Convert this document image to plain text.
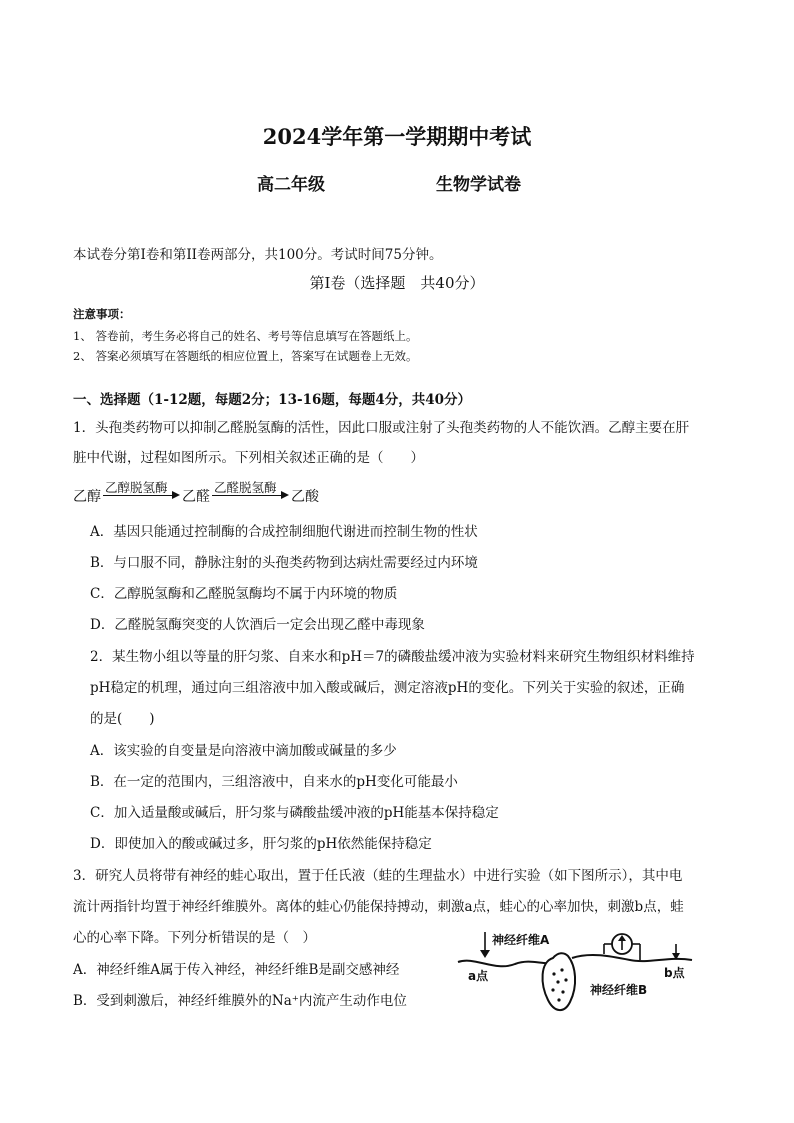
2024学年第一学期期中考试
高二年级	生物学试卷
本试卷分第I卷和第II卷两部分，共100分。考试时间75分钟。
第I卷（选择题　共40分）
注意事项：
1、 答卷前，考生务必将自己的姓名、考号等信息填写在答题纸上。
2、 答案必须填写在答题纸的相应位置上，答案写在试题卷上无效。
一、选择题（1-12题，每题2分；13-16题，每题4分，共40分）
1．头孢类药物可以抑制乙醛脱氢酶的活性，因此口服或注射了头孢类药物的人不能饮酒。乙醇主要在肝
脏中代谢，过程如图所示。下列相关叙述正确的是（　　）
乙醇
乙醇脱氢酶
乙醛
乙醛脱氢酶
乙酸
A．基因只能通过控制酶的合成控制细胞代谢进而控制生物的性状
B．与口服不同，静脉注射的头孢类药物到达病灶需要经过内环境
C．乙醇脱氢酶和乙醛脱氢酶均不属于内环境的物质
D．乙醛脱氢酶突变的人饮酒后一定会出现乙醛中毒现象
2．某生物小组以等量的肝匀浆、自来水和pH＝7的磷酸盐缓冲液为实验材料来研究生物组织材料维持
pH稳定的机理，通过向三组溶液中加入酸或碱后，测定溶液pH的变化。下列关于实验的叙述，正确
的是(　　)
A．该实验的自变量是向溶液中滴加酸或碱量的多少
B．在一定的范围内，三组溶液中，自来水的pH变化可能最小
C．加入适量酸或碱后，肝匀浆与磷酸盐缓冲液的pH能基本保持稳定
D．即使加入的酸或碱过多，肝匀浆的pH依然能保持稳定
3．研究人员将带有神经的蛙心取出，置于任氏液（蛙的生理盐水）中进行实验（如下图所示），其中电
流计两指针均置于神经纤维膜外。离体的蛙心仍能保持搏动，刺激a点，蛙心的心率加快，刺激b点，蛙
心的心率下降。下列分析错误的是（　）
A．神经纤维A属于传入神经，神经纤维B是副交感神经
B．受到刺激后，神经纤维膜外的Na⁺内流产生动作电位
神经纤维A
a点
神经纤维B
b点
